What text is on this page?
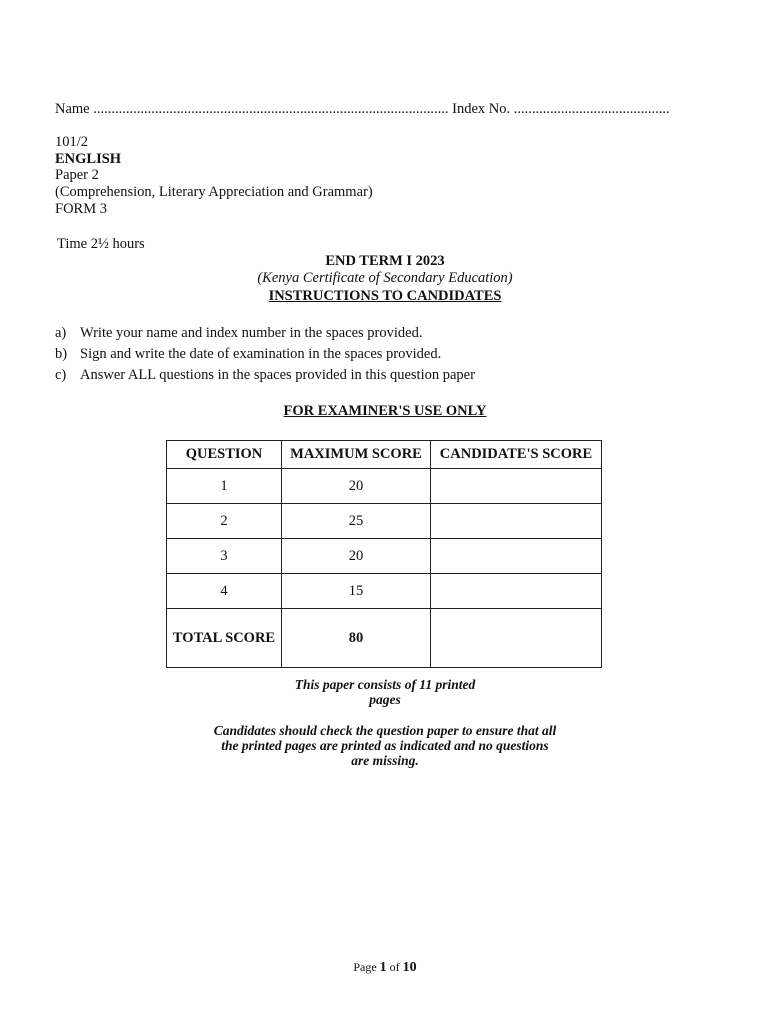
Name .................................................................................................. Index No. ...........................................
101/2
ENGLISH
Paper 2
(Comprehension, Literary Appreciation and Grammar)
FORM 3
Time 2½ hours
END TERM I 2023
(Kenya Certificate of Secondary Education)
INSTRUCTIONS TO CANDIDATES
a) Write your name and index number in the spaces provided.
b) Sign and write the date of examination in the spaces provided.
c) Answer ALL questions in the spaces provided in this question paper
FOR EXAMINER'S USE ONLY
QUESTION	MAXIMUM SCORE	CANDIDATE'S SCORE
1	20	
2	25	
3	20	
4	15	
TOTAL SCORE	80	
This paper consists of 11 printed
pages
Candidates should check the question paper to ensure that all
the printed pages are printed as indicated and no questions
are missing.
Page 1 of 10
